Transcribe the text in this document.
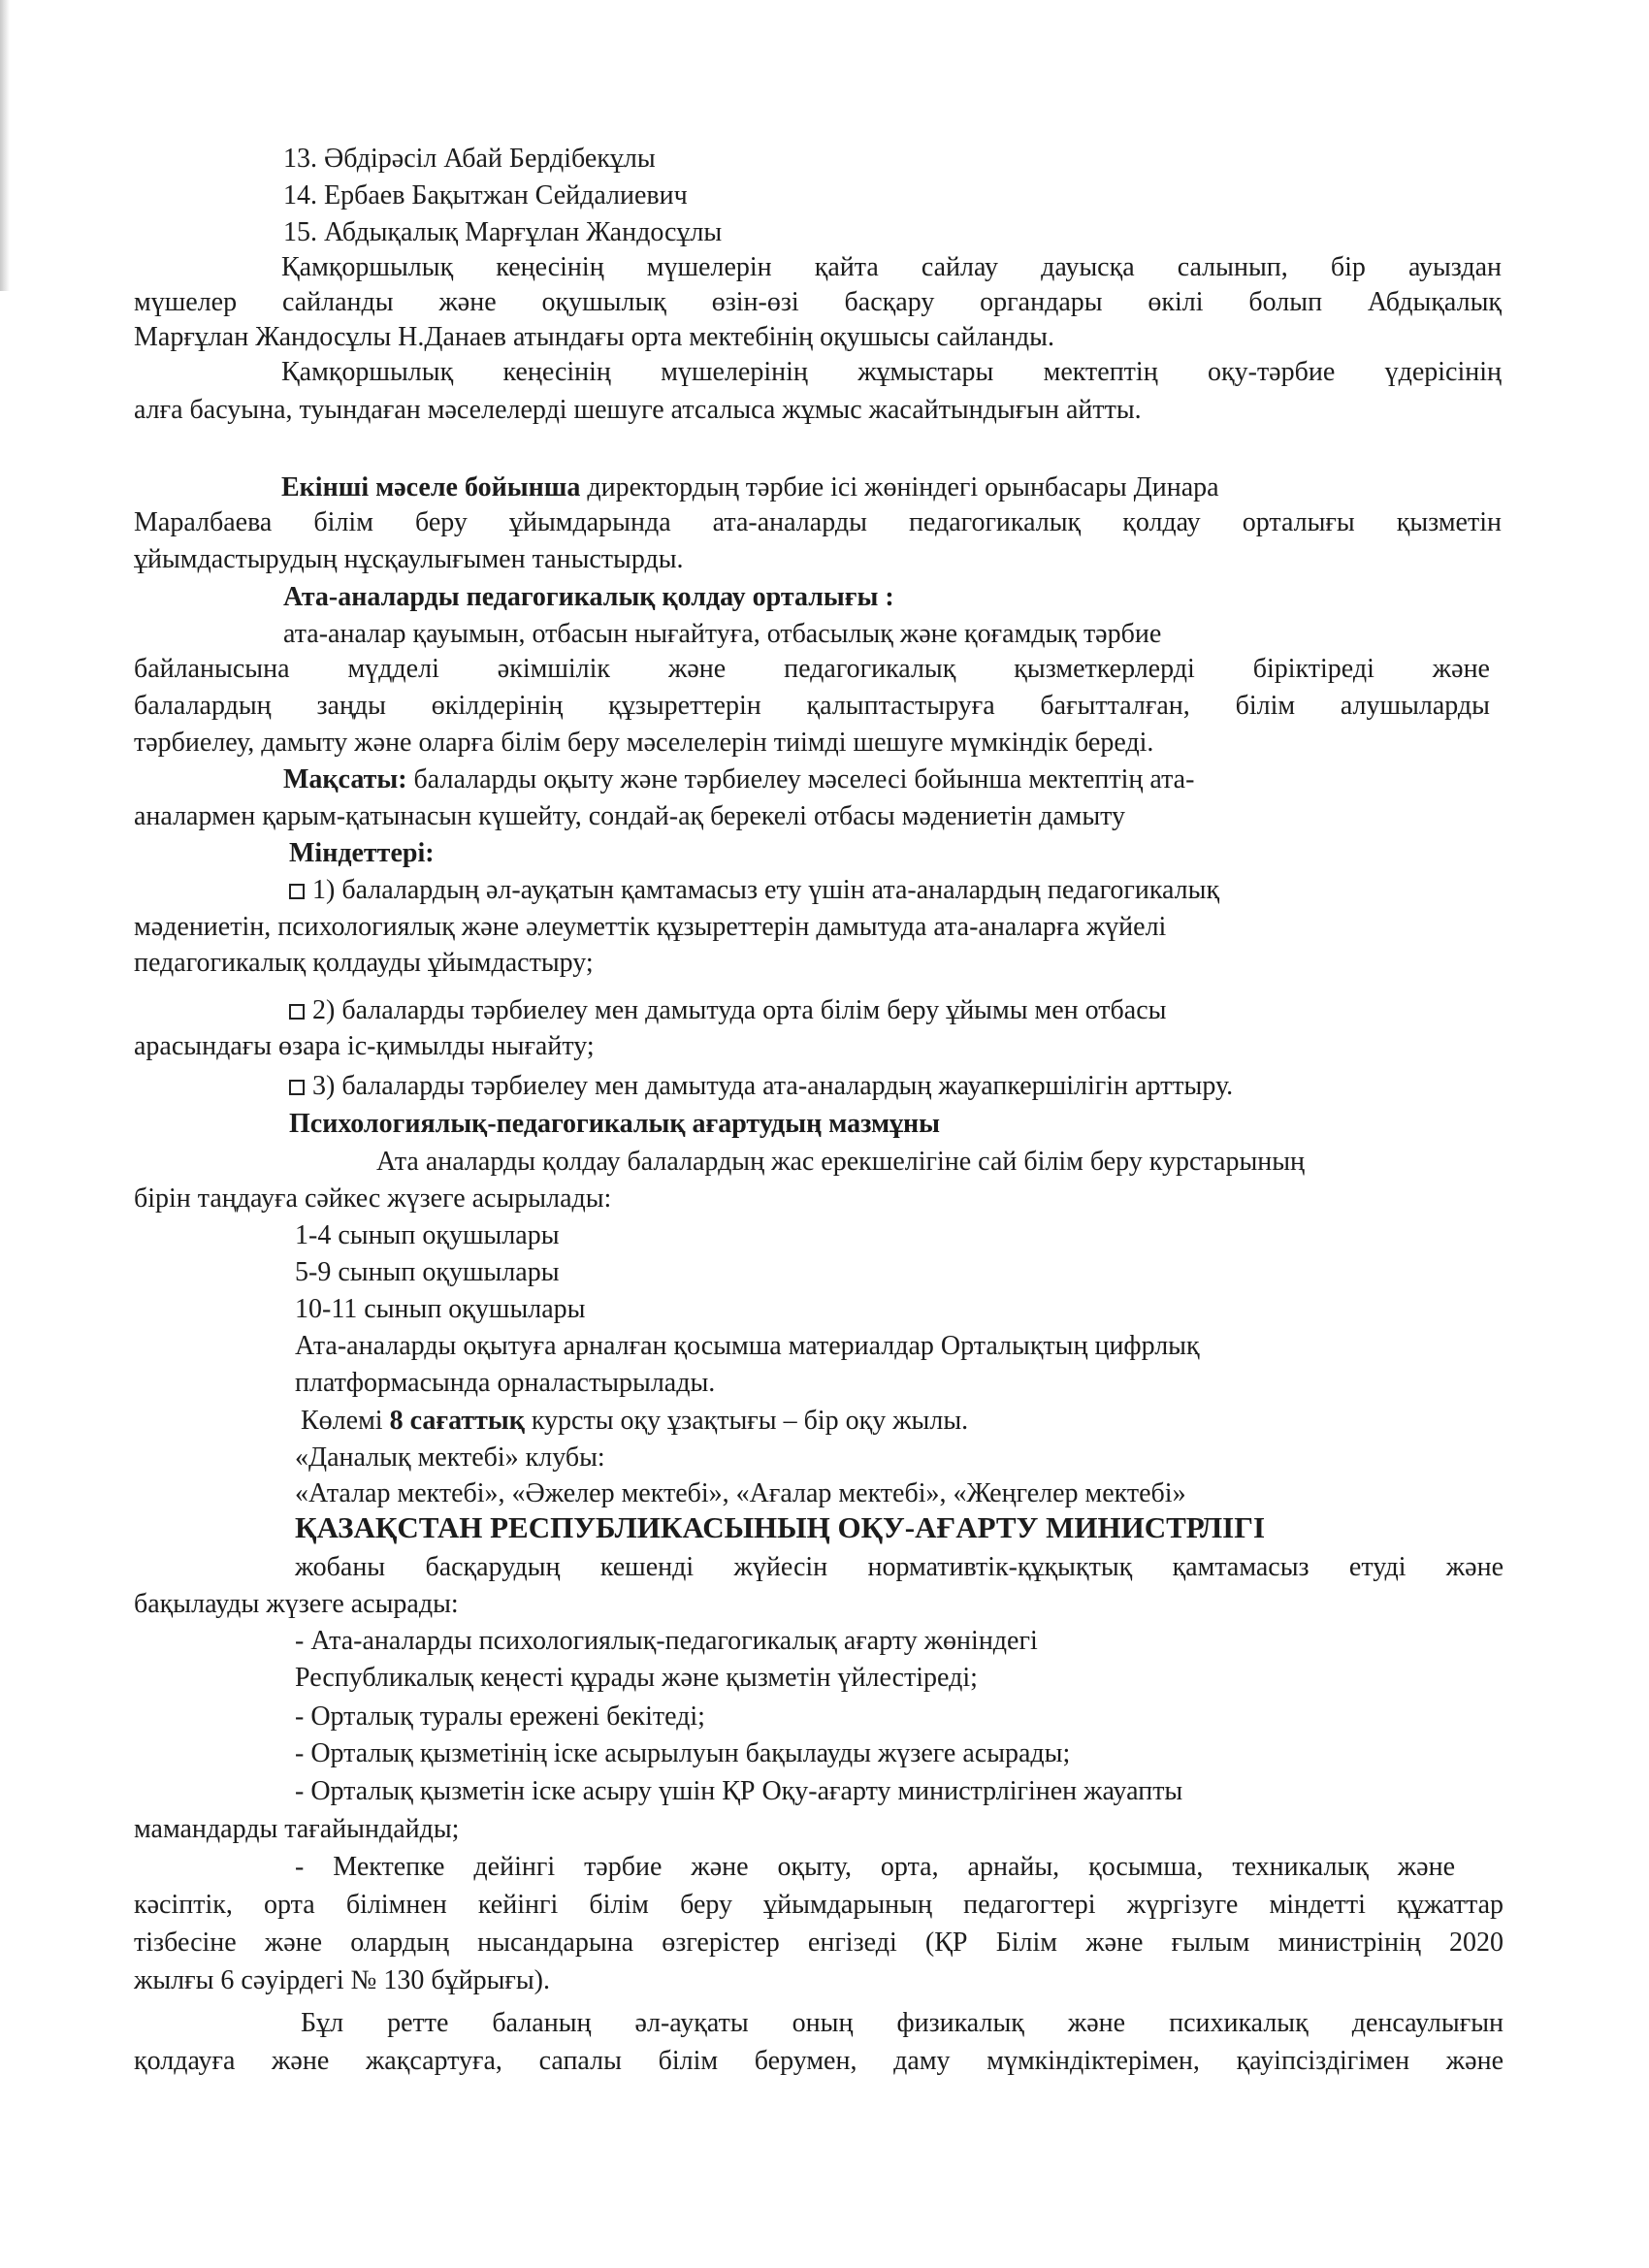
13. Әбдірәсіл Абай Бердібекұлы
14. Ербаев Бақытжан Сейдалиевич
15. Абдықалық Марғұлан Жандосұлы
Қамқоршылық кеңесінің мүшелерін қайта сайлау дауысқа салынып, бір ауыздан
мүшелер сайланды және оқушылық өзін-өзі басқару органдары өкілі болып Абдықалық
Марғұлан Жандосұлы Н.Данаев атындағы орта мектебінің оқушысы сайланды.
Қамқоршылық кеңесінің мүшелерінің жұмыстары мектептің оқу-тәрбие үдерісінің
алға басуына, туындаған мәселелерді шешуге атсалыса жұмыс жасайтындығын айтты.
Екінші мәселе бойынша директордың тәрбие ісі жөніндегі орынбасары Динара
Маралбаева білім беру ұйымдарында ата-аналарды педагогикалық қолдау орталығы қызметін
ұйымдастырудың нұсқаулығымен таныстырды.
Ата-аналарды педагогикалық қолдау орталығы :
ата-аналар қауымын, отбасын нығайтуға, отбасылық және қоғамдық тәрбие
байланысына мүдделі әкімшілік және педагогикалық қызметкерлерді біріктіреді және
балалардың заңды өкілдерінің құзыреттерін қалыптастыруға бағытталған, білім алушыларды
тәрбиелеу, дамыту және оларға білім беру мәселелерін тиімді шешуге мүмкіндік береді.
Мақсаты: балаларды оқыту және тәрбиелеу мәселесі бойынша мектептің ата-
аналармен қарым-қатынасын күшейту, сондай-ақ берекелі отбасы мәдениетін дамыту
Міндеттері:
1) балалардың әл-ауқатын қамтамасыз ету үшін ата-аналардың педагогикалық
мәдениетін, психологиялық және әлеуметтік құзыреттерін дамытуда ата-аналарға жүйелі
педагогикалық қолдауды ұйымдастыру;
2) балаларды тәрбиелеу мен дамытуда орта білім беру ұйымы мен отбасы
арасындағы өзара іс-қимылды нығайту;
3) балаларды тәрбиелеу мен дамытуда ата-аналардың жауапкершілігін арттыру.
Психологиялық-педагогикалық ағартудың мазмұны
Ата аналарды қолдау балалардың жас ерекшелігіне сай білім беру курстарының
бірін таңдауға сәйкес жүзеге асырылады:
1-4 сынып оқушылары
5-9 сынып оқушылары
10-11 сынып оқушылары
Ата-аналарды оқытуға арналған қосымша материалдар Орталықтың цифрлық
платформасында орналастырылады.
Көлемі 8 сағаттық курсты оқу ұзақтығы – бір оқу жылы.
«Даналық мектебі» клубы:
«Аталар мектебі», «Әжелер мектебі», «Ағалар мектебі», «Жеңгелер мектебі»
ҚАЗАҚСТАН РЕСПУБЛИКАСЫНЫҢ ОҚУ-АҒАРТУ МИНИСТРЛІГІ
жобаны басқарудың кешенді жүйесін нормативтік-құқықтық қамтамасыз етуді және
бақылауды жүзеге асырады:
- Ата-аналарды психологиялық-педагогикалық ағарту жөніндегі
Республикалық кеңесті құрады және қызметін үйлестіреді;
- Орталық туралы ережені бекітеді;
- Орталық қызметінің іске асырылуын бақылауды жүзеге асырады;
- Орталық қызметін іске асыру үшін ҚР Оқу-ағарту министрлігінен жауапты
мамандарды тағайындайды;
- Мектепке дейінгі тәрбие және оқыту, орта, арнайы, қосымша, техникалық және
кәсіптік, орта білімнен кейінгі білім беру ұйымдарының педагогтері жүргізуге міндетті құжаттар
тізбесіне және олардың нысандарына өзгерістер енгізеді (ҚР Білім және ғылым министрінің 2020
жылғы 6 сәуірдегі № 130 бұйрығы).
Бұл ретте баланың әл-ауқаты оның физикалық және психикалық денсаулығын
қолдауға және жақсартуға, сапалы білім берумен, даму мүмкіндіктерімен, қауіпсіздігімен және
